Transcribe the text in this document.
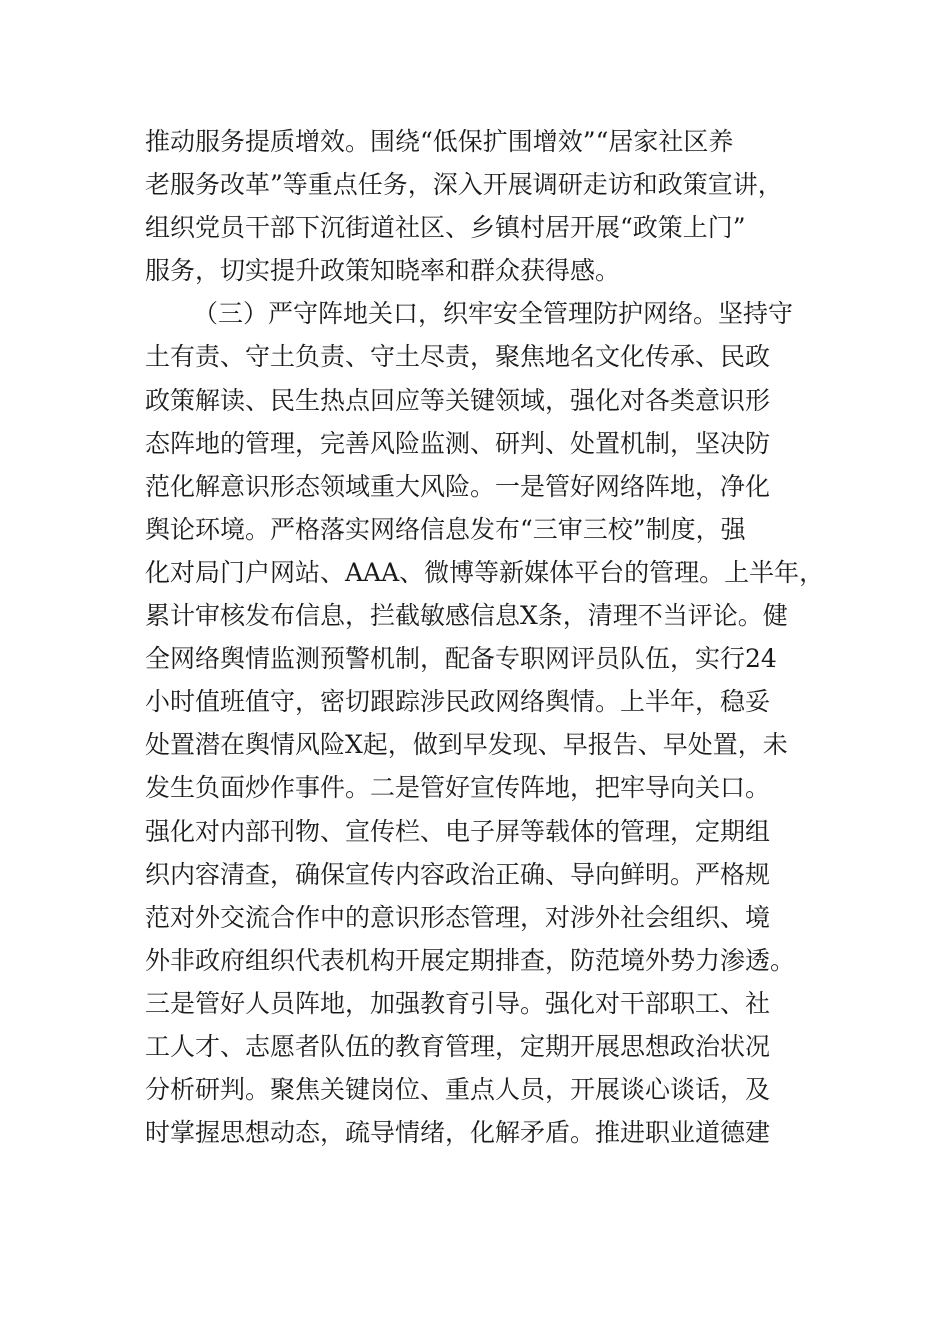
推动服务提质增效。围绕“低保扩围增效”“居家社区养
老服务改革”等重点任务，深入开展调研走访和政策宣讲，
组织党员干部下沉街道社区、乡镇村居开展“政策上门”
服务，切实提升政策知晓率和群众获得感。
（三）严守阵地关口，织牢安全管理防护网络。坚持守
土有责、守土负责、守土尽责，聚焦地名文化传承、民政
政策解读、民生热点回应等关键领域，强化对各类意识形
态阵地的管理，完善风险监测、研判、处置机制，坚决防
范化解意识形态领域重大风险。一是管好网络阵地，净化
舆论环境。严格落实网络信息发布“三审三校”制度，强
化对局门户网站、AAA、微博等新媒体平台的管理。上半年，
累计审核发布信息，拦截敏感信息X条，清理不当评论。健
全网络舆情监测预警机制，配备专职网评员队伍，实行24
小时值班值守，密切跟踪涉民政网络舆情。上半年，稳妥
处置潜在舆情风险X起，做到早发现、早报告、早处置，未
发生负面炒作事件。二是管好宣传阵地，把牢导向关口。
强化对内部刊物、宣传栏、电子屏等载体的管理，定期组
织内容清查，确保宣传内容政治正确、导向鲜明。严格规
范对外交流合作中的意识形态管理，对涉外社会组织、境
外非政府组织代表机构开展定期排查，防范境外势力渗透。
三是管好人员阵地，加强教育引导。强化对干部职工、社
工人才、志愿者队伍的教育管理，定期开展思想政治状况
分析研判。聚焦关键岗位、重点人员，开展谈心谈话，及
时掌握思想动态，疏导情绪，化解矛盾。推进职业道德建
